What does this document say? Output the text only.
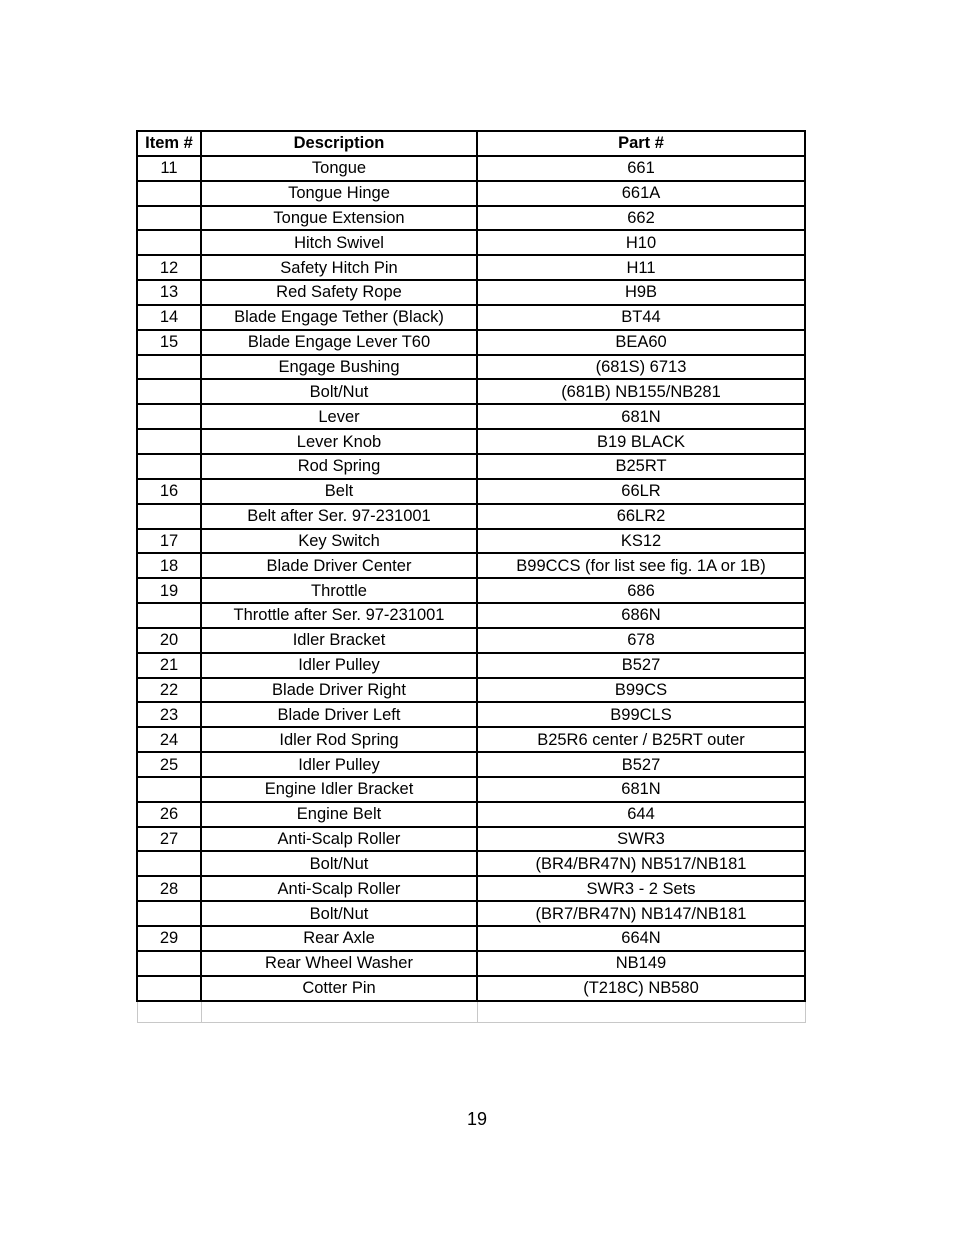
Item #	Description	Part #
11	Tongue	661
	Tongue Hinge	661A
	Tongue Extension	662
	Hitch Swivel	H10
12	Safety Hitch Pin	H11
13	Red Safety Rope	H9B
14	Blade Engage Tether (Black)	BT44
15	Blade Engage Lever T60	BEA60
	Engage Bushing	(681S) 6713
	Bolt/Nut	(681B) NB155/NB281
	Lever	681N
	Lever Knob	B19 BLACK
	Rod Spring	B25RT
16	Belt	66LR
	Belt after Ser. 97-231001	66LR2
17	Key Switch	KS12
18	Blade Driver Center	B99CCS (for list see fig. 1A or 1B)
19	Throttle	686
	Throttle after Ser. 97-231001	686N
20	Idler Bracket	678
21	Idler Pulley	B527
22	Blade Driver Right	B99CS
23	Blade Driver Left	B99CLS
24	Idler Rod Spring	B25R6 center / B25RT outer
25	Idler Pulley	B527
	Engine Idler Bracket	681N
26	Engine Belt	644
27	Anti-Scalp Roller	SWR3
	Bolt/Nut	(BR4/BR47N) NB517/NB181
28	Anti-Scalp Roller	SWR3 - 2 Sets
	Bolt/Nut	(BR7/BR47N) NB147/NB181
29	Rear Axle	664N
	Rear Wheel Washer	NB149
	Cotter Pin	(T218C) NB580

19
